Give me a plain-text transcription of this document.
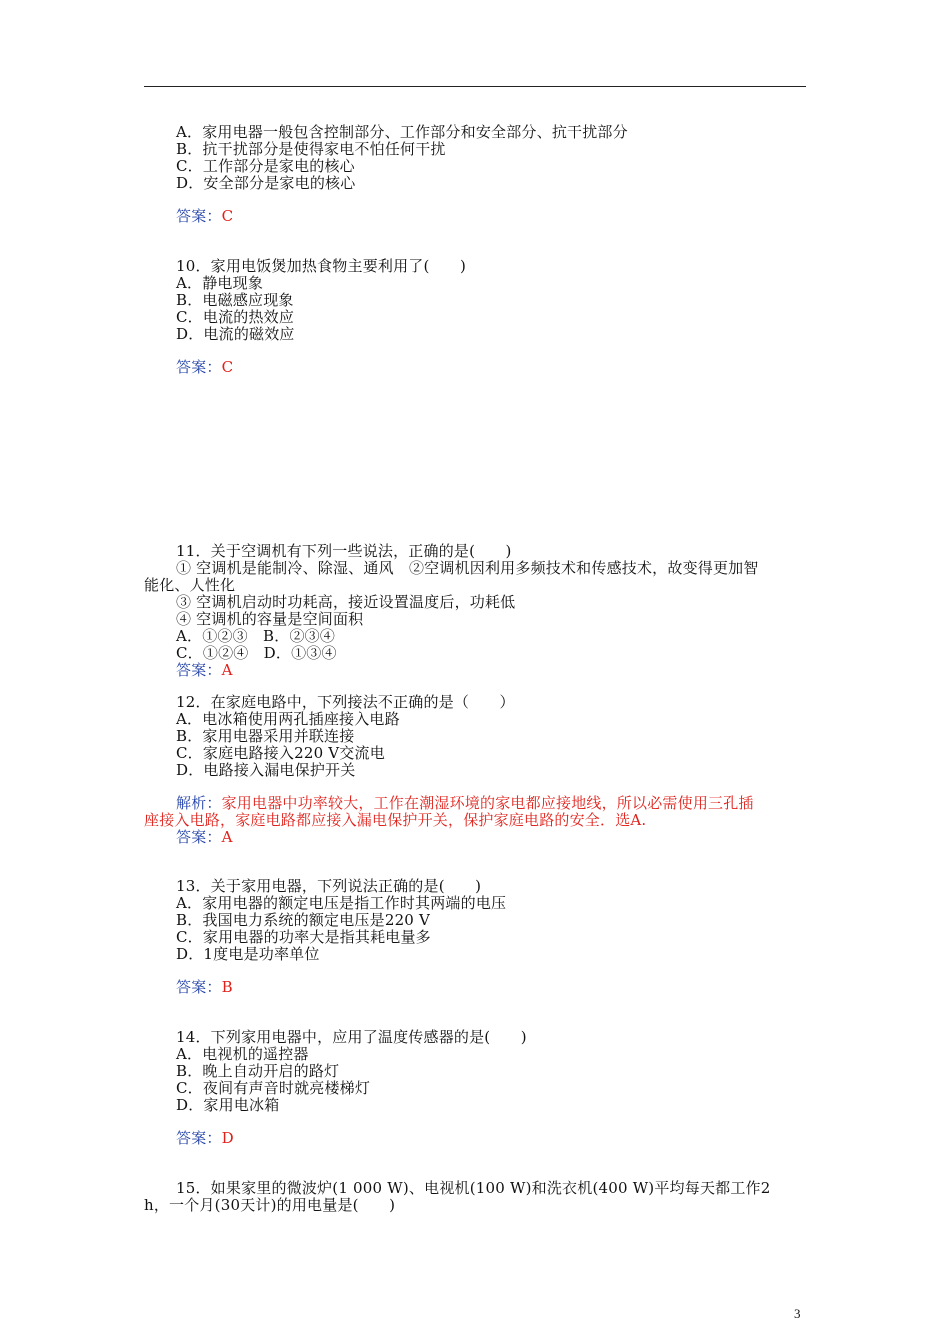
A．家用电器一般包含控制部分、工作部分和安全部分、抗干扰部分
B．抗干扰部分是使得家电不怕任何干扰
C．工作部分是家电的核心
D．安全部分是家电的核心
答案：C
10．家用电饭煲加热食物主要利用了(　　)
A．静电现象
B．电磁感应现象
C．电流的热效应
D．电流的磁效应
答案：C
11．关于空调机有下列一些说法，正确的是(　　)
① 空调机是能制冷、除湿、通风　②空调机因利用多频技术和传感技术，故变得更加智
能化、人性化
③ 空调机启动时功耗高，接近设置温度后，功耗低
④ 空调机的容量是空间面积
A．①②③　B．②③④
C．①②④　D．①③④
答案：A
12．在家庭电路中，下列接法不正确的是（　　）
A．电冰箱使用两孔插座接入电路
B．家用电器采用并联连接
C．家庭电路接入220 V交流电
D．电路接入漏电保护开关
解析：家用电器中功率较大，工作在潮湿环境的家电都应接地线，所以必需使用三孔插
座接入电路，家庭电路都应接入漏电保护开关，保护家庭电路的安全．选A.
答案：A
13．关于家用电器，下列说法正确的是(　　)
A．家用电器的额定电压是指工作时其两端的电压
B．我国电力系统的额定电压是220 V
C．家用电器的功率大是指其耗电量多
D．1度电是功率单位
答案：B
14．下列家用电器中，应用了温度传感器的是(　　)
A．电视机的遥控器
B．晚上自动开启的路灯
C．夜间有声音时就亮楼梯灯
D．家用电冰箱
答案：D
15．如果家里的微波炉(1 000 W)、电视机(100 W)和洗衣机(400 W)平均每天都工作2
h，一个月(30天计)的用电量是(　　)
3
